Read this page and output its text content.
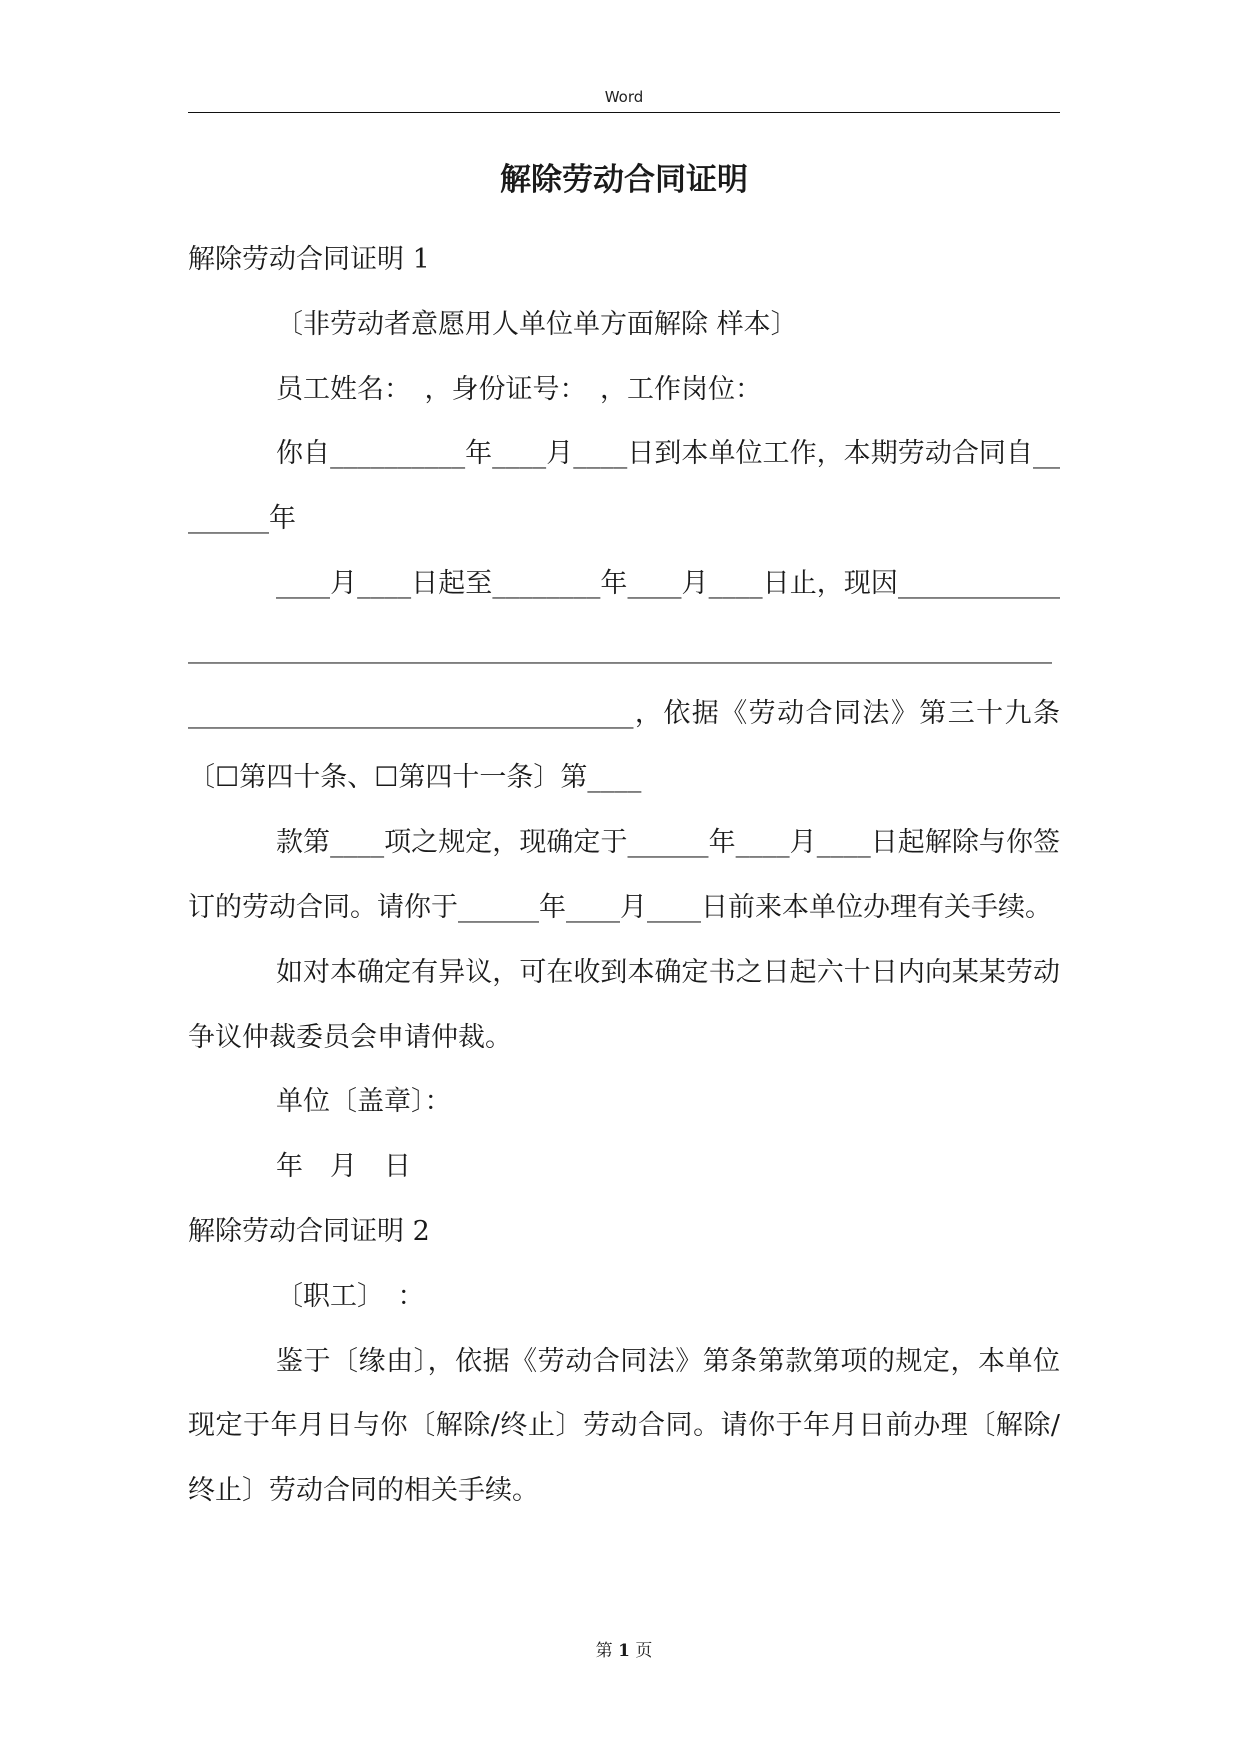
Word
解除劳动合同证明

解除劳动合同证明 1

〔非劳动者意愿用人单位单方面解除 样本〕

员工姓名：　，身份证号：　，工作岗位：

你自__________年____月____日到本单位工作，本期劳动合同自________年

____月____日起至________年____月____日止，现因_____________________________________________________________________________________________________________，依据《劳动合同法》第三十九条〔☐第四十条、☐第四十一条〕第____

款第____项之规定，现确定于______年____月____日起解除与你签订的劳动合同。请你于______年____月____日前来本单位办理有关手续。

如对本确定有异议，可在收到本确定书之日起六十日内向某某劳动争议仲裁委员会申请仲裁。

单位〔盖章〕：

年　月　日

解除劳动合同证明 2

〔职工〕　：

鉴于〔缘由〕，依据《劳动合同法》第条第款第项的规定，本单位现定于年月日与你〔解除/终止〕劳动合同。请你于年月日前办理〔解除/终止〕劳动合同的相关手续。

第 1 页
